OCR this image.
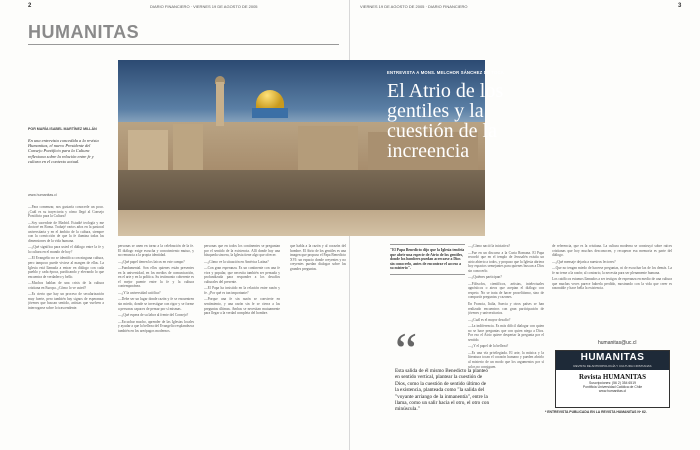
2	DIARIO FINANCIERO · VIERNES 19 DE AGOSTO DE 2005
HUMANITAS
POR MARÍA ISABEL MARTÍNEZ MILLÁN
En una entrevista concedida a la revista Humanitas, el nuevo Presidente del Consejo Pontificio para la Cultura reflexiona sobre la relación entre fe y cultura en el contexto actual.
www.humanitas.cl

—Para comenzar, nos gustaría conocerle un poco. ¿Cuál es su trayectoria y cómo llegó al Consejo Pontificio para la Cultura?

—Soy sacerdote de Madrid. Estudié teología y me doctoré en Roma. Trabajé varios años en la pastoral universitaria y en el ámbito de la cultura, siempre con la convicción de que la fe ilumina todas las dimensiones de la vida humana.

—¿Qué significa para usted el diálogo entre la fe y la cultura en el mundo de hoy?

—El Evangelio no se identifica con ninguna cultura, pero tampoco puede vivirse al margen de ellas. La Iglesia está llamada a entrar en diálogo con cada pueblo y cada época, purificando y elevando lo que encuentra de verdadero y bello.

—Muchos hablan de una crisis de la cultura cristiana en Europa. ¿Cómo lo ve usted?

—Es cierto que hay un proceso de secularización muy fuerte, pero también hay signos de esperanza: jóvenes que buscan sentido, artistas que vuelven a interrogarse sobre lo trascendente.

personas se unen en torno a la celebración de la fe. El diálogo exige escucha y conocimiento mutuo, y no renuncia a la propia identidad.

—¿Qué papel tienen los laicos en este campo?

—Fundamental. Son ellos quienes están presentes en la universidad, en los medios de comunicación, en el arte y en la política. Su testimonio coherente es el mejor puente entre la fe y la cultura contemporánea.

—¿Y la universidad católica?

—Debe ser un lugar donde razón y fe se encuentren sin miedo, donde se investigue con rigor y se forme a personas capaces de pensar por sí mismas.

—¿Qué espera de su labor al frente del Consejo?

—Escuchar mucho, aprender de las Iglesias locales y ayudar a que la belleza del Evangelio resplandezca también en los areópagos modernos.

personas que en todos los continentes se preguntan por el sentido de la existencia. Allí donde hay una búsqueda sincera, la Iglesia tiene algo que ofrecer.

—¿Cómo ve la situación en América Latina?

—Con gran esperanza. Es un continente con una fe viva y popular, que necesita también ser pensada y profundizada para responder a los desafíos culturales del presente.

—El Papa ha insistido en la relación entre razón y fe. ¿Por qué es tan importante?

—Porque una fe sin razón se convierte en sentimiento, y una razón sin fe se cierra a las preguntas últimas. Ambas se necesitan mutuamente para llegar a la verdad completa del hombre.

que habla a la razón y al corazón del hombre. El Atrio de los gentiles es una imagen que propuso el Papa Benedicto XVI: un espacio donde creyentes y no creyentes puedan dialogar sobre las grandes preguntas.

VIERNES 19 DE AGOSTO DE 2005 · DIARIO FINANCIERO	3
ENTREVISTA A MONS. MELCHOR SÁNCHEZ DE TOCA
El Atrio de los gentiles y la cuestión de la increencia
"El Papa Benedicto dijo que la Iglesia tendría que abrir una especie de Atrio de los gentiles, donde los hombres puedan acercarse a Dios sin conocerlo, antes de encontrar el acceso a su misterio".

—¿Cómo nació la iniciativa?

—Fue en un discurso a la Curia Romana. El Papa recordó que en el templo de Jerusalén existía un atrio abierto a todos, y propuso que la Iglesia abriera hoy espacios semejantes para quienes buscan a Dios sin conocerlo.

—¿Quiénes participan?

—Filósofos, científicos, artistas, intelectuales agnósticos o ateos que aceptan el diálogo con respeto. No se trata de hacer proselitismo, sino de compartir preguntas y razones.

En Francia, Italia, Suecia y otros países se han realizado encuentros con gran participación de jóvenes y universitarios.

—¿Cuál es el mayor desafío?

—La indiferencia. Es más difícil dialogar con quien no se hace preguntas que con quien niega a Dios. Por eso el Atrio quiere despertar la pregunta por el sentido.

—¿Y el papel de la belleza?

—Es una vía privilegiada. El arte, la música y la literatura tocan el corazón humano y pueden abrirlo al misterio de un modo que los argumentos por sí solos no consiguen.

de referencia, que es la cristiana. La cultura moderna se construyó sobre raíces cristianas que hoy muchos desconocen, y recuperar esa memoria es parte del diálogo.

—¿Qué mensaje dejaría a nuestros lectores?

—Que no tengan miedo de hacerse preguntas, ni de escuchar las de los demás. La fe no teme a la razón; al contrario, la necesita para ser plenamente humana.

Los católicos estamos llamados a ser testigos de esperanza en medio de una cultura que muchas veces parece haberla perdido, mostrando con la vida que creer es razonable y hace bella la existencia.

“
Esta salida de él mismo Benedicto la planteó en sentido vertical, plantear la cuestión de Dios, como la cuestión de sentido último de la existencia, planteada como "la salida del "voyante arriango de la inmanentía", entre la llama, como un salir hacia el otro, el otro con minúscula."
humanitas@uc.cl
HUMANITAS
REVISTA DE ANTROPOLOGÍA Y CULTURA CRISTIANAS
Revista HUMANITAS
Suscripciones: (56 2) 354 6519
Pontificia Universidad Católica de Chile
www.humanitas.cl
* ENTREVISTA PUBLICADA EN LA REVISTA HUMANITAS Nº 62.
